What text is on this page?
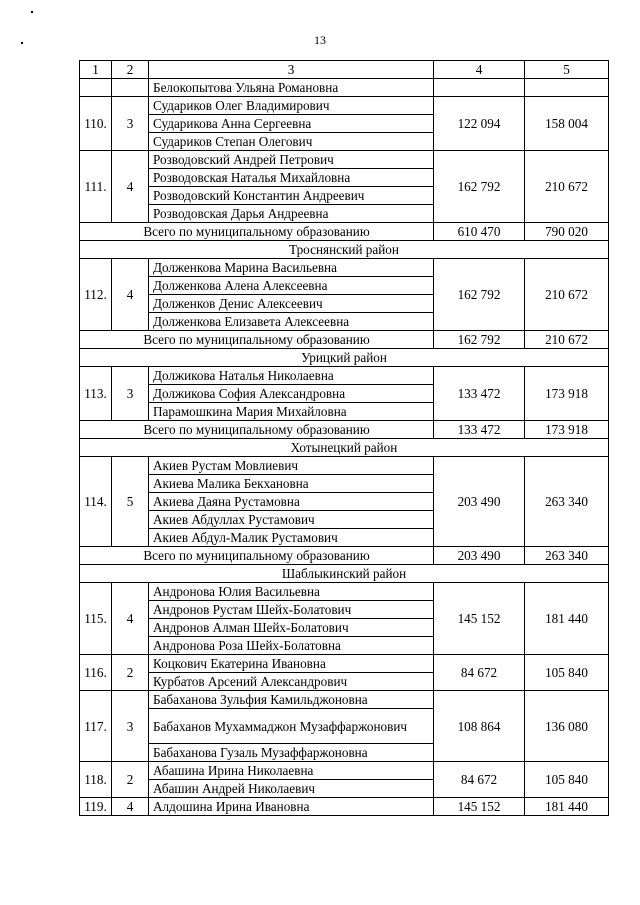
13
1	2	3	4	5
		Белокопытова Ульяна Романовна		
110.	3	Судариков Олег Владимирович	122 094	158 004
		Сударикова Анна Сергеевна		
		Судариков Степан Олегович		
111.	4	Розводовский Андрей Петрович	162 792	210 672
		Розводовская Наталья Михайловна		
		Розводовский Константин Андреевич		
		Розводовская Дарья Андреевна		
Всего по муниципальному образованию			610 470	790 020
Троснянский район				
112.	4	Долженкова Марина Васильевна	162 792	210 672
		Долженкова Алена Алексеевна		
		Долженков Денис Алексеевич		
		Долженкова Елизавета Алексеевна		
Всего по муниципальному образованию			162 792	210 672
Урицкий район				
113.	3	Должикова Наталья Николаевна	133 472	173 918
		Должикова София Александровна		
		Парамошкина Мария Михайловна		
Всего по муниципальному образованию			133 472	173 918
Хотынецкий район				
114.	5	Акиев Рустам Мовлиевич	203 490	263 340
		Акиева Малика Бекхановна		
		Акиева Даяна Рустамовна		
		Акиев Абдуллах Рустамович		
		Акиев Абдул-Малик Рустамович		
Всего по муниципальному образованию			203 490	263 340
Шаблыкинский район				
115.	4	Андронова Юлия Васильевна	145 152	181 440
		Андронов Рустам Шейх-Болатович		
		Андронов Алман Шейх-Болатович		
		Андронова Роза Шейх-Болатовна		
116.	2	Коцкович Екатерина Ивановна	84 672	105 840
		Курбатов Арсений Александрович		
117.	3	Бабаханова Зульфия Камильджоновна	108 864	136 080
		Бабаханов Мухаммаджон Музаффаржонович		
		Бабаханова Гузаль Музаффаржоновна		
118.	2	Абашина Ирина Николаевна	84 672	105 840
		Абашин Андрей Николаевич		
119.	4	Алдошина Ирина Ивановна	145 152	181 440
